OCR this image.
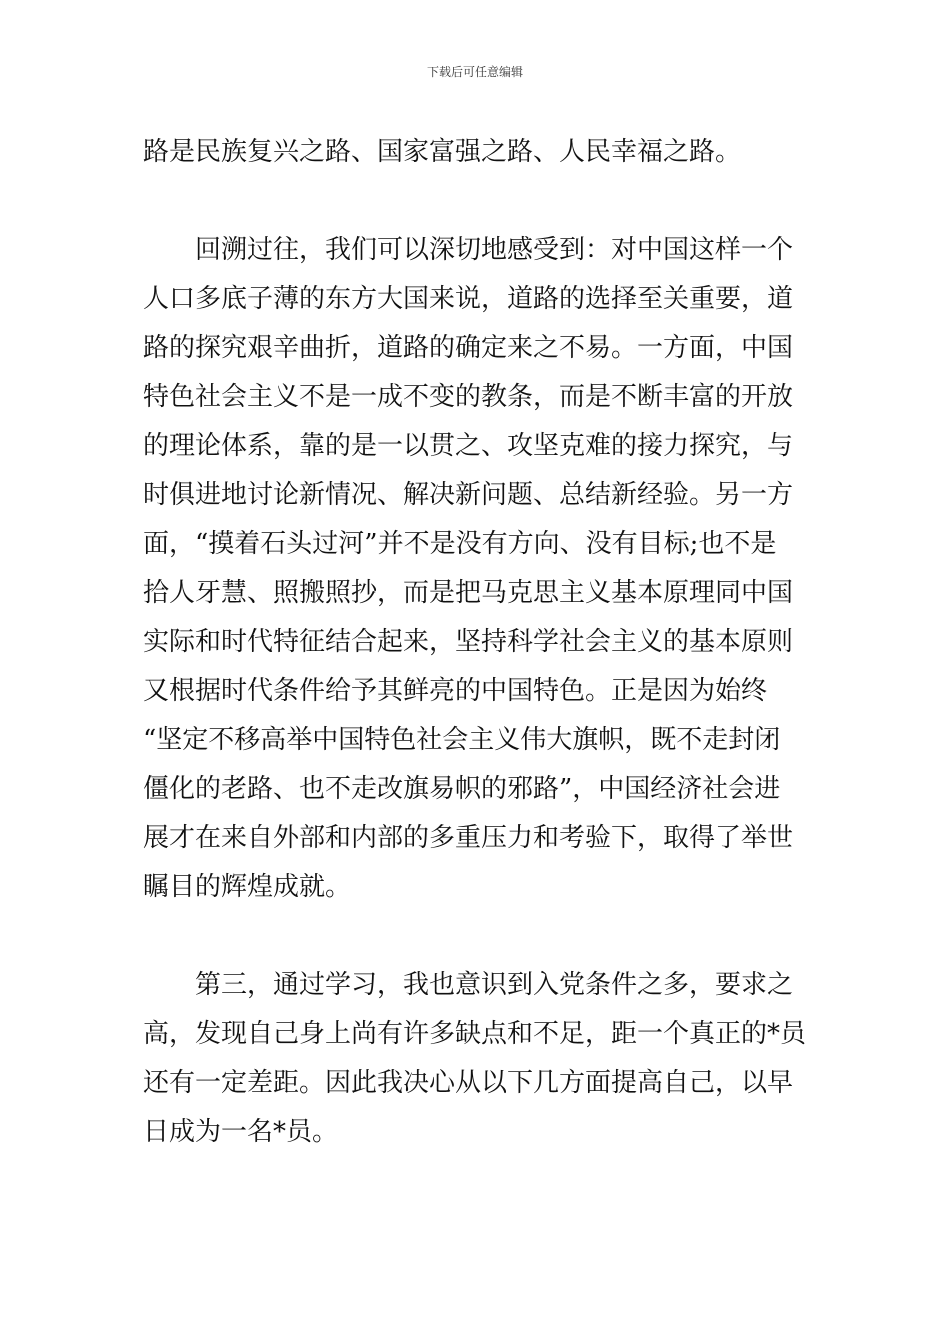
下载后可任意编辑
路是民族复兴之路、国家富强之路、人民幸福之路。
回溯过往，我们可以深切地感受到：对中国这样一个
人口多底子薄的东方大国来说，道路的选择至关重要，道
路的探究艰辛曲折，道路的确定来之不易。一方面，中国
特色社会主义不是一成不变的教条，而是不断丰富的开放
的理论体系，靠的是一以贯之、攻坚克难的接力探究，与
时俱进地讨论新情况、解决新问题、总结新经验。另一方
面，“摸着石头过河”并不是没有方向、没有目标;也不是
拾人牙慧、照搬照抄，而是把马克思主义基本原理同中国
实际和时代特征结合起来，坚持科学社会主义的基本原则
又根据时代条件给予其鲜亮的中国特色。正是因为始终
“坚定不移高举中国特色社会主义伟大旗帜，既不走封闭
僵化的老路、也不走改旗易帜的邪路”，中国经济社会进
展才在来自外部和内部的多重压力和考验下，取得了举世
瞩目的辉煌成就。
第三，通过学习，我也意识到入党条件之多，要求之
高，发现自己身上尚有许多缺点和不足，距一个真正的*员
还有一定差距。因此我决心从以下几方面提高自己，以早
日成为一名*员。
